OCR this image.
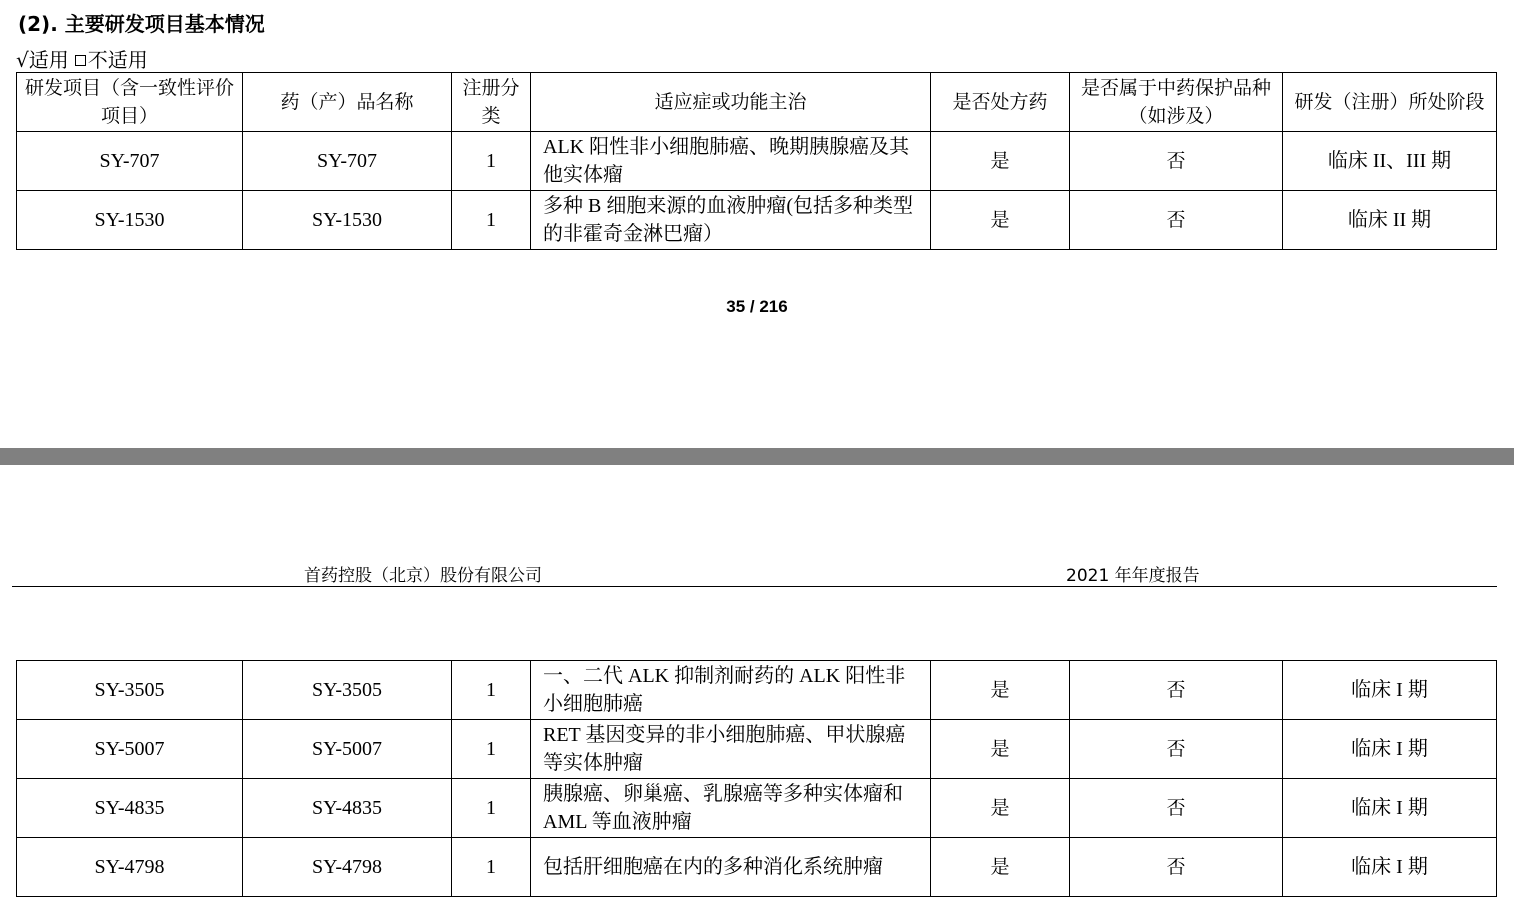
(2). 主要研发项目基本情况
√适用 不适用
研发项目（含一致性评价项目）	药（产）品名称	注册分类	适应症或功能主治	是否处方药	是否属于中药保护品种（如涉及）	研发（注册）所处阶段
SY-707	SY-707	1	ALK 阳性非小细胞肺癌、晚期胰腺癌及其他实体瘤	是	否	临床 II、III 期
SY-1530	SY-1530	1	多种 B 细胞来源的血液肿瘤(包括多种类型的非霍奇金淋巴瘤）	是	否	临床 II 期
35 / 216
首药控股（北京）股份有限公司	2021 年年度报告
SY-3505	SY-3505	1	一、二代 ALK 抑制剂耐药的 ALK 阳性非小细胞肺癌	是	否	临床 I 期
SY-5007	SY-5007	1	RET 基因变异的非小细胞肺癌、甲状腺癌等实体肿瘤	是	否	临床 I 期
SY-4835	SY-4835	1	胰腺癌、卵巢癌、乳腺癌等多种实体瘤和 AML 等血液肿瘤	是	否	临床 I 期
SY-4798	SY-4798	1	包括肝细胞癌在内的多种消化系统肿瘤	是	否	临床 I 期
